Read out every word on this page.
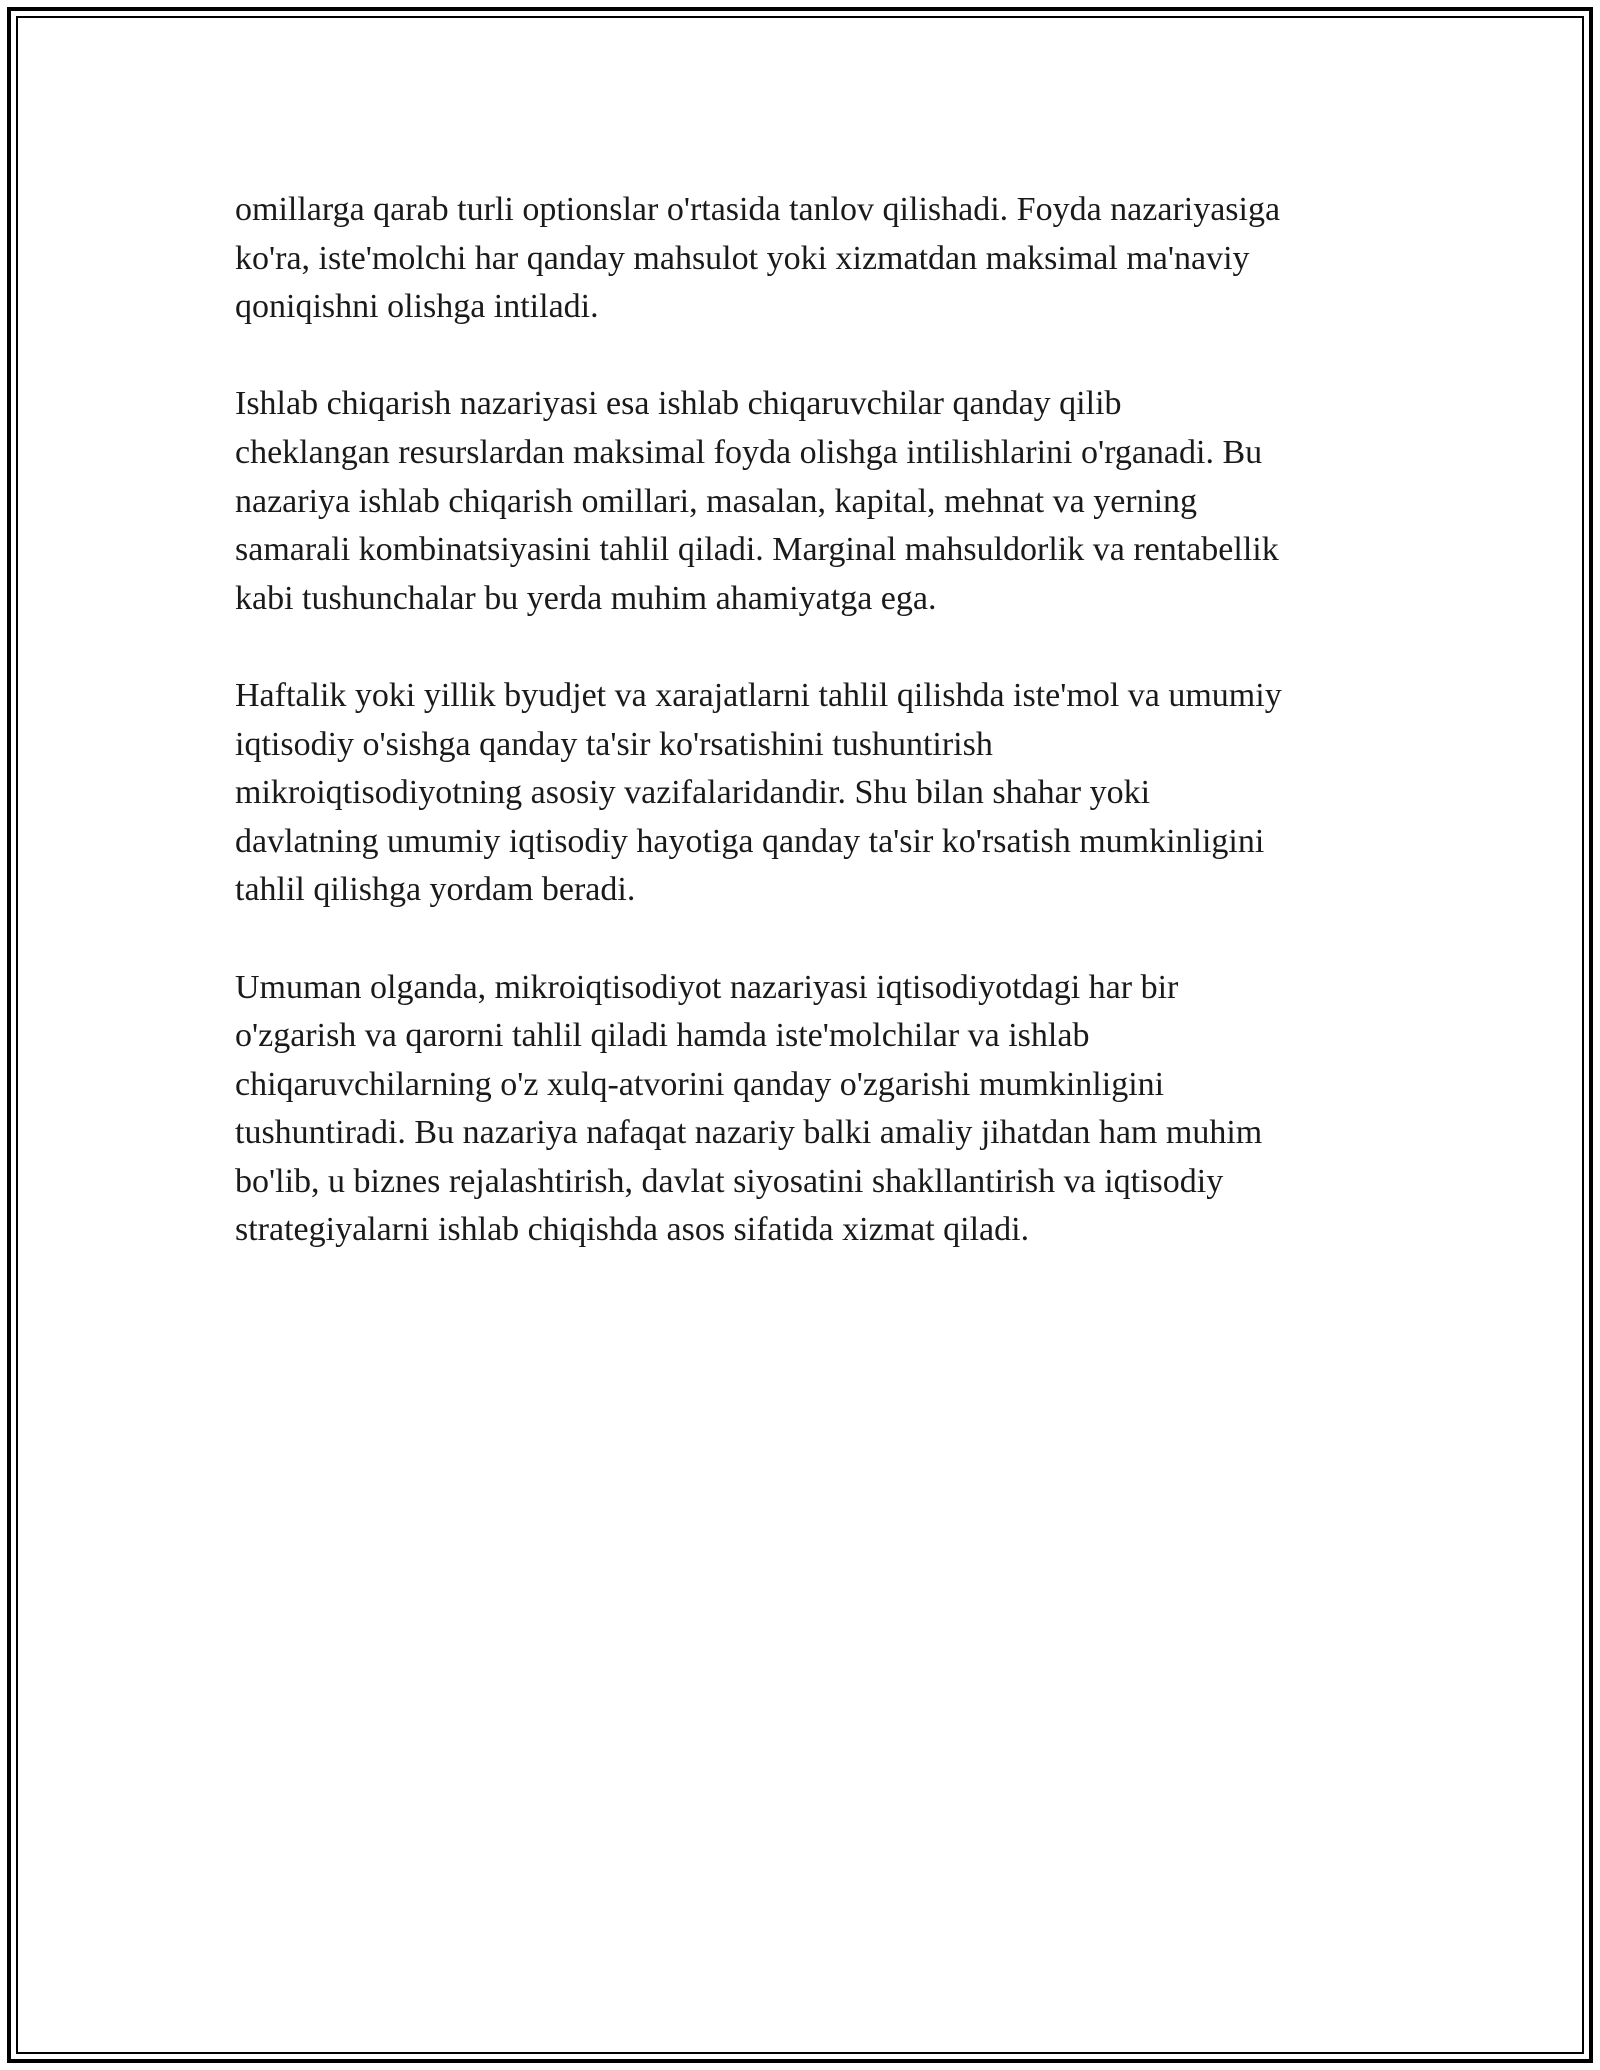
omillarga qarab turli optionslar o'rtasida tanlov qilishadi. Foyda nazariyasiga
ko'ra, iste'molchi har qanday mahsulot yoki xizmatdan maksimal ma'naviy
qoniqishni olishga intiladi.

Ishlab chiqarish nazariyasi esa ishlab chiqaruvchilar qanday qilib
cheklangan resurslardan maksimal foyda olishga intilishlarini o'rganadi. Bu
nazariya ishlab chiqarish omillari, masalan, kapital, mehnat va yerning
samarali kombinatsiyasini tahlil qiladi. Marginal mahsuldorlik va rentabellik
kabi tushunchalar bu yerda muhim ahamiyatga ega.

Haftalik yoki yillik byudjet va xarajatlarni tahlil qilishda iste'mol va umumiy
iqtisodiy o'sishga qanday ta'sir ko'rsatishini tushuntirish
mikroiqtisodiyotning asosiy vazifalaridandir. Shu bilan shahar yoki
davlatning umumiy iqtisodiy hayotiga qanday ta'sir ko'rsatish mumkinligini
tahlil qilishga yordam beradi.

Umuman olganda, mikroiqtisodiyot nazariyasi iqtisodiyotdagi har bir
o'zgarish va qarorni tahlil qiladi hamda iste'molchilar va ishlab
chiqaruvchilarning o'z xulq-atvorini qanday o'zgarishi mumkinligini
tushuntiradi. Bu nazariya nafaqat nazariy balki amaliy jihatdan ham muhim
bo'lib, u biznes rejalashtirish, davlat siyosatini shakllantirish va iqtisodiy
strategiyalarni ishlab chiqishda asos sifatida xizmat qiladi.
